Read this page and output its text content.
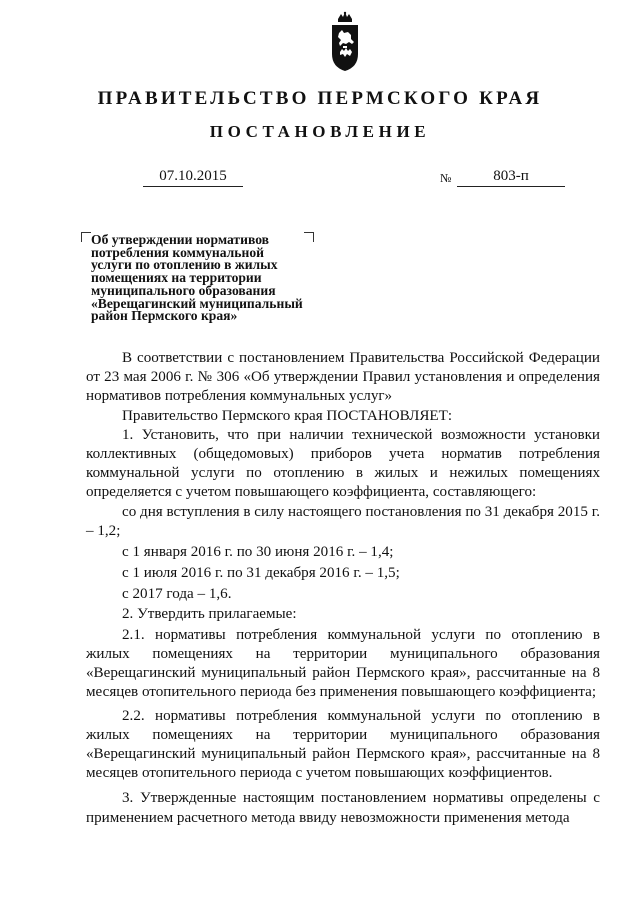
ПРАВИТЕЛЬСТВО ПЕРМСКОГО КРАЯ
ПОСТАНОВЛЕНИЕ
07.10.2015	№	803-п
Об утверждении нормативов
потребления коммунальной
услуги по отоплению в жилых
помещениях на территории
муниципального образования
«Верещагинский муниципальный
район Пермского края»
В соответствии с постановлением Правительства Российской Федерации от 23 мая 2006 г. № 306 «Об утверждении Правил установления и определения нормативов потребления коммунальных услуг»
Правительство Пермского края ПОСТАНОВЛЯЕТ:
1. Установить, что при наличии технической возможности установки коллективных (общедомовых) приборов учета норматив потребления коммунальной услуги по отоплению в жилых и нежилых помещениях определяется с учетом повышающего коэффициента, составляющего:
со дня вступления в силу настоящего постановления по 31 декабря 2015 г. – 1,2;
с 1 января 2016 г. по 30 июня 2016 г. – 1,4;
с 1 июля 2016 г. по 31 декабря 2016 г. – 1,5;
с 2017 года – 1,6.
2. Утвердить прилагаемые:
2.1. нормативы потребления коммунальной услуги по отоплению в жилых помещениях на территории муниципального образования «Верещагинский муниципальный район Пермского края», рассчитанные на 8 месяцев отопительного периода без применения повышающего коэффициента;
2.2. нормативы потребления коммунальной услуги по отоплению в жилых помещениях на территории муниципального образования «Верещагинский муниципальный район Пермского края», рассчитанные на 8 месяцев отопительного периода с учетом повышающих коэффициентов.
3. Утвержденные настоящим постановлением нормативы определены с применением расчетного метода ввиду невозможности применения метода
